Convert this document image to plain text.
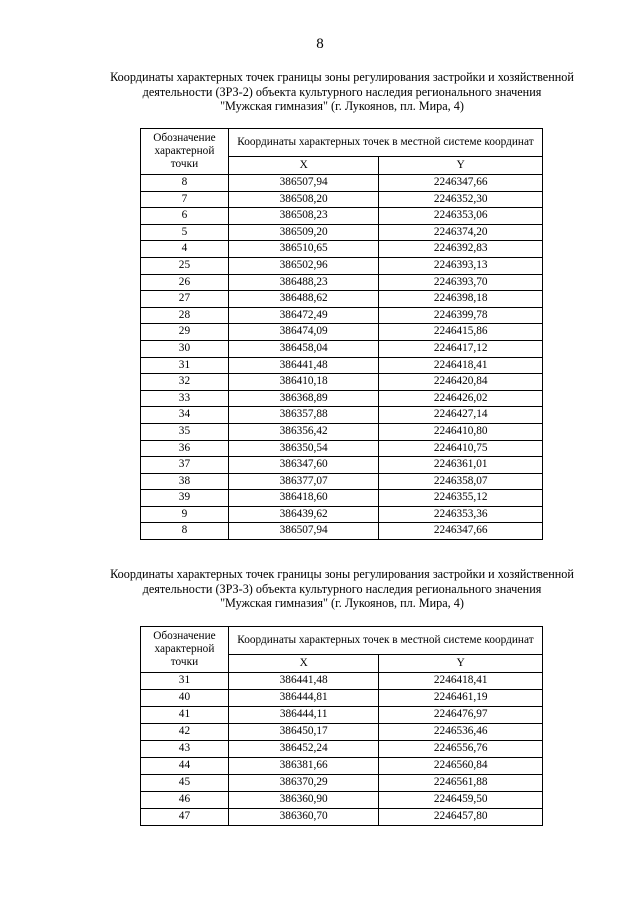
8
Координаты характерных точек границы зоны регулирования застройки и хозяйственной
деятельности (ЗРЗ-2) объекта культурного наследия регионального значения
"Мужская гимназия" (г. Лукоянов, пл. Мира, 4)
Обозначение
характерной
точки	Координаты характерных точек в местной системе координат	
	X	Y
8	386507,94	2246347,66
7	386508,20	2246352,30
6	386508,23	2246353,06
5	386509,20	2246374,20
4	386510,65	2246392,83
25	386502,96	2246393,13
26	386488,23	2246393,70
27	386488,62	2246398,18
28	386472,49	2246399,78
29	386474,09	2246415,86
30	386458,04	2246417,12
31	386441,48	2246418,41
32	386410,18	2246420,84
33	386368,89	2246426,02
34	386357,88	2246427,14
35	386356,42	2246410,80
36	386350,54	2246410,75
37	386347,60	2246361,01
38	386377,07	2246358,07
39	386418,60	2246355,12
9	386439,62	2246353,36
8	386507,94	2246347,66
Координаты характерных точек границы зоны регулирования застройки и хозяйственной
деятельности (ЗРЗ-3) объекта культурного наследия регионального значения
"Мужская гимназия" (г. Лукоянов, пл. Мира, 4)
Обозначение
характерной
точки	Координаты характерных точек в местной системе координат	
	X	Y
31	386441,48	2246418,41
40	386444,81	2246461,19
41	386444,11	2246476,97
42	386450,17	2246536,46
43	386452,24	2246556,76
44	386381,66	2246560,84
45	386370,29	2246561,88
46	386360,90	2246459,50
47	386360,70	2246457,80
